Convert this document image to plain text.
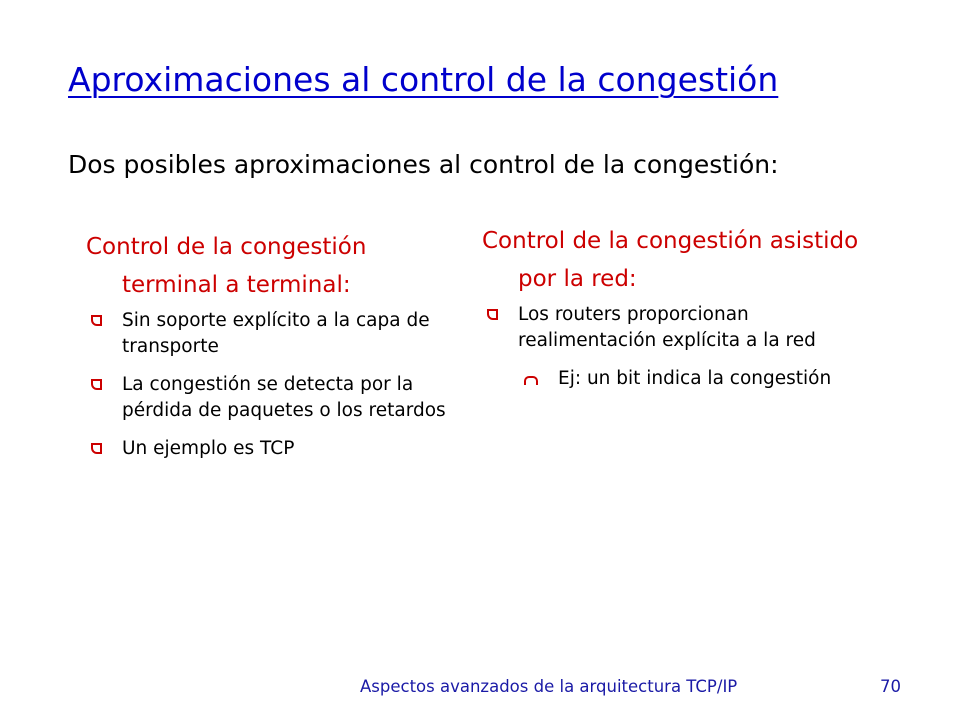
Aproximaciones al control de la congestión
Dos posibles aproximaciones al control de la congestión:
Control de la congestión terminal a terminal:
Sin soporte explícito a la capa de transporte
La congestión se detecta por la pérdida de paquetes o los retardos
Un ejemplo es TCP
Control de la congestión asistido por la red:
Los routers proporcionan realimentación explícita a la red
Ej: un bit indica la congestión
Aspectos avanzados de la arquitectura TCP/IP	70
